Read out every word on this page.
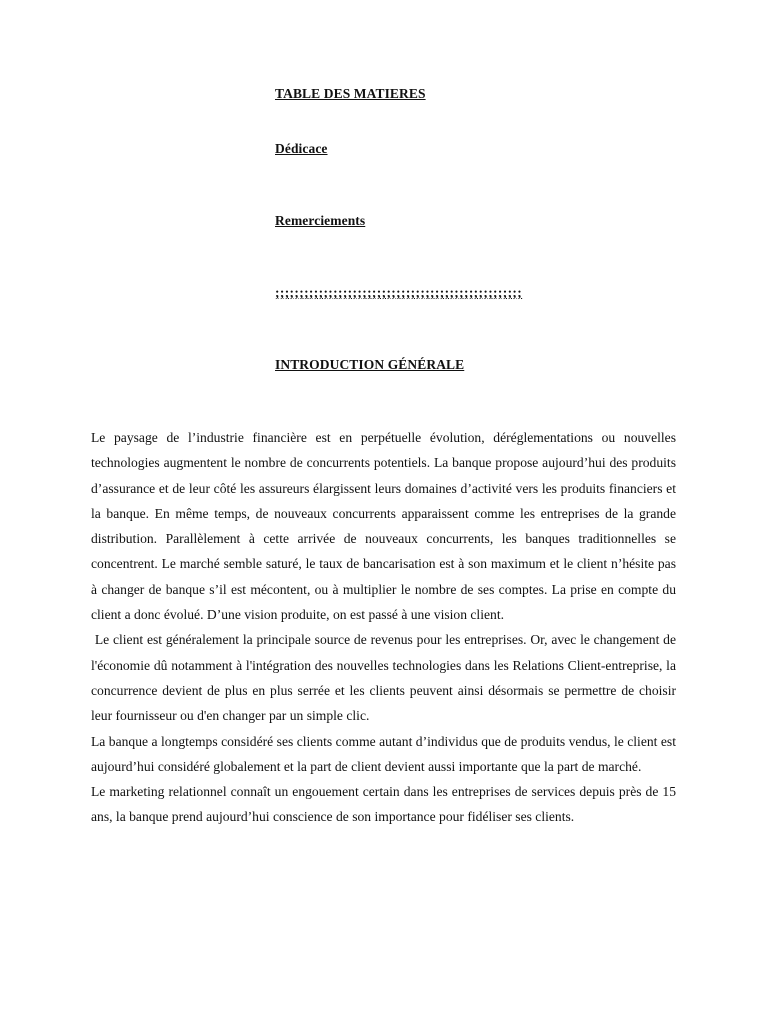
TABLE DES MATIERES
Dédicace
Remerciements
;;;;;;;;;;;;;;;;;;;;;;;;;;;;;;;;;;;;;;;;;;;;;;;;;;;
INTRODUCTION GÉNÉRALE

Le paysage de l’industrie financière est en perpétuelle évolution, déréglementations ou nouvelles technologies augmentent le nombre de concurrents potentiels. La banque propose aujourd’hui des produits d’assurance et de leur côté les assureurs élargissent leurs domaines d’activité vers les produits financiers et la banque. En même temps, de nouveaux concurrents apparaissent comme les entreprises de la grande distribution. Parallèlement à cette arrivée de nouveaux concurrents, les banques traditionnelles se concentrent. Le marché semble saturé, le taux de bancarisation est à son maximum et le client n’hésite pas à changer de banque s’il est mécontent, ou à multiplier le nombre de ses comptes. La prise en compte du client a donc évolué. D’une vision produite, on est passé à une vision client.

Le client est généralement la principale source de revenus pour les entreprises. Or, avec le changement de l'économie dû notamment à l'intégration des nouvelles technologies dans les Relations Client-entreprise, la concurrence devient de plus en plus serrée et les clients peuvent ainsi désormais se permettre de choisir leur fournisseur ou d'en changer par un simple clic.

La banque a longtemps considéré ses clients comme autant d’individus que de produits vendus, le client est aujourd’hui considéré globalement et la part de client devient aussi importante que la part de marché.

Le marketing relationnel connaît un engouement certain dans les entreprises de services depuis près de 15 ans, la banque prend aujourd’hui conscience de son importance pour fidéliser ses clients.
